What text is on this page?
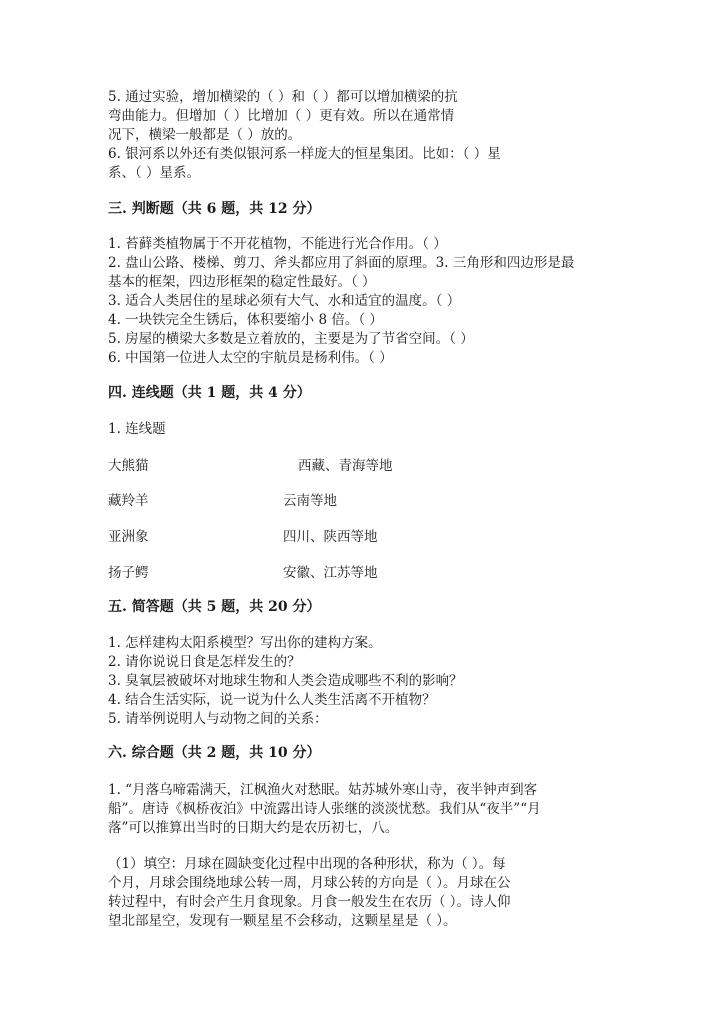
5. 通过实验，增加横梁的（ ）和（ ）都可以增加横梁的抗
弯曲能力。但增加（ ）比增加（ ）更有效。所以在通常情
况下，横梁一般都是（ ）放的。
6. 银河系以外还有类似银河系一样庞大的恒星集团。比如：（ ）星
系、（ ）星系。
三. 判断题（共 6 题，共 12 分）
1. 苔藓类植物属于不开花植物，不能进行光合作用。（ ）
2. 盘山公路、楼梯、剪刀、斧头都应用了斜面的原理。3. 三角形和四边形是最
基本的框架，四边形框架的稳定性最好。（ ）
3. 适合人类居住的星球必须有大气、水和适宜的温度。（ ）
4. 一块铁完全生锈后，体积要缩小 8 倍。（ ）
5. 房屋的横梁大多数是立着放的，主要是为了节省空间。（ ）
6. 中国第一位进人太空的宇航员是杨利伟。（ ）
四. 连线题（共 1 题，共 4 分）
1. 连线题
大熊猫	西藏、青海等地
藏羚羊	云南等地
亚洲象	四川、陕西等地
扬子鳄	安徽、江苏等地
五. 简答题（共 5 题，共 20 分）
1. 怎样建构太阳系模型？写出你的建构方案。
2. 请你说说日食是怎样发生的？
3. 臭氧层被破坏对地球生物和人类会造成哪些不利的影响？
4. 结合生活实际，说一说为什么人类生活离不开植物？
5. 请举例说明人与动物之间的关系：
六. 综合题（共 2 题，共 10 分）
1. “月落乌啼霜满天，江枫渔火对愁眠。姑苏城外寒山寺，夜半钟声到客
船”。唐诗《枫桥夜泊》中流露出诗人张继的淡淡忧愁。我们从“夜半”“月
落”可以推算出当时的日期大约是农历初七，八。
（1）填空：月球在圆缺变化过程中出现的各种形状，称为（ ）。每
个月，月球会围绕地球公转一周，月球公转的方向是（ ）。月球在公
转过程中，有时会产生月食现象。月食一般发生在农历（ ）。诗人仰
望北部星空，发现有一颗星星不会移动，这颗星星是（ ）。
